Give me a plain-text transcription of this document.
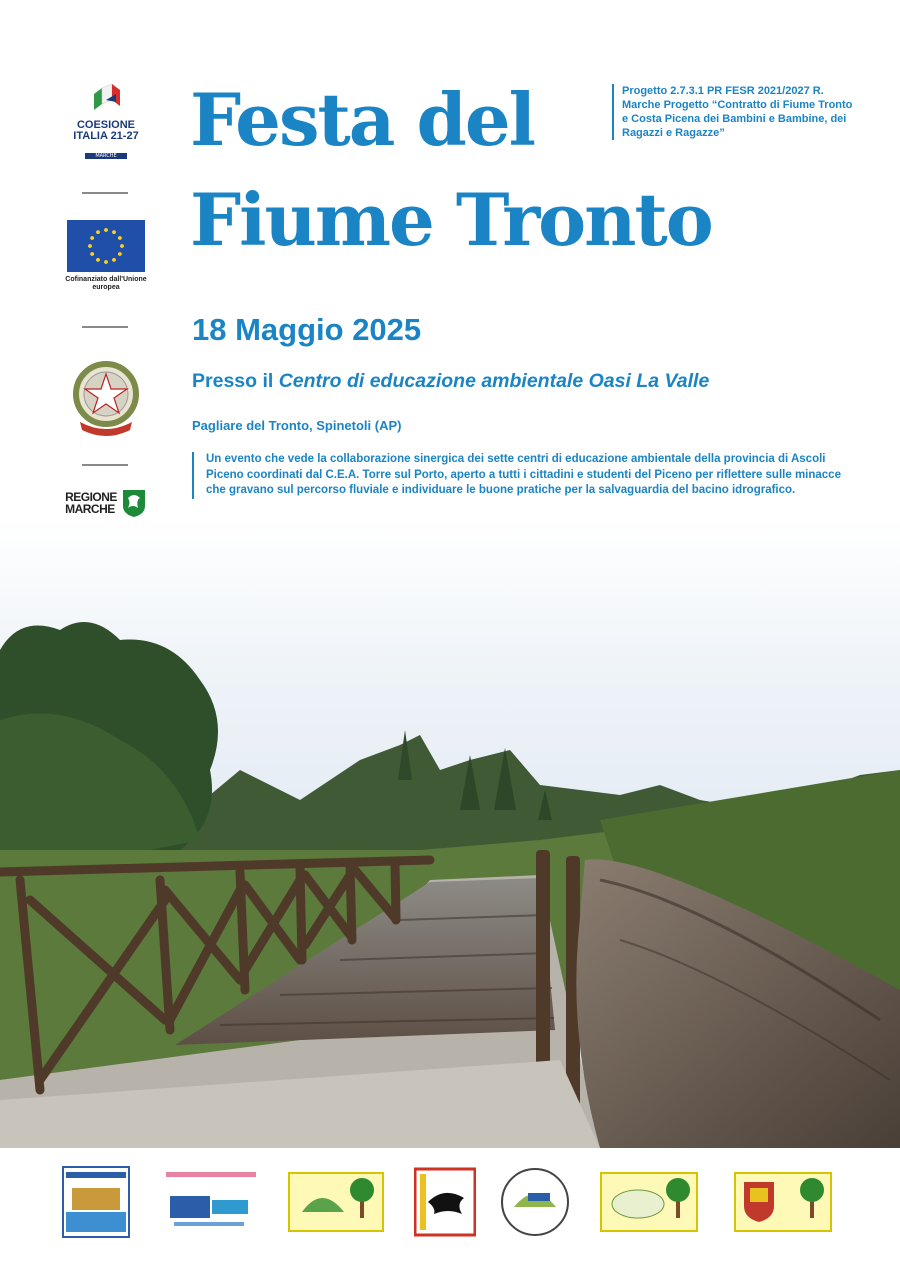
COESIONE
ITALIA 21-27
MARCHE
Cofinanziato dall'Unione europea
REGIONE
MARCHE
Festa del
Fiume Tronto
Progetto 2.7.3.1 PR FESR 2021/2027 R. Marche Progetto “Contratto di Fiume Tronto e Costa Picena dei Bambini e Bambine, dei Ragazzi e Ragazze”
18 Maggio 2025
Presso il Centro di educazione ambientale Oasi La Valle
Pagliare del Tronto, Spinetoli (AP)
Un evento che vede la collaborazione sinergica dei sette centri di educazione ambientale della provincia di Ascoli Piceno coordinati dal C.E.A. Torre sul Porto, aperto a tutti i cittadini e studenti del Piceno per riflettere sulle minacce che gravano sul percorso fluviale e individuare le buone pratiche per la salvaguardia del bacino idrografico.
